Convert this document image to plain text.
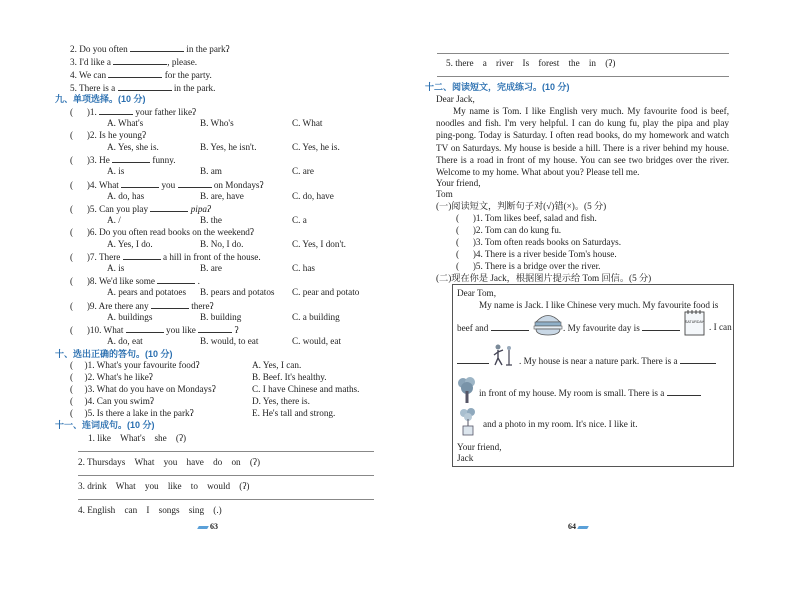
2. Do you often	in the parkʔ
3. I'd like a	, please.
4. We can	for the party.
5. There is a	in the park.
九、单项选择。(10 分)
( 　 )1.	your father likeʔ
A. What's	B. Who's	C. What
( 　 )2. Is he youngʔ
A. Yes, she is.	B. Yes, he isn't.	C. Yes, he is.
( 　 )3. He	funny.
A. is	B. am	C. are
( 　 )4. What	you	on Mondaysʔ
A. do, has	B. are, have	C. do, have
( 　 )5. Can you play	pipaʔ
A. /	B. the	C. a
( 　 )6. Do you often read books on the weekendʔ
A. Yes, I do.	B. No, I do.	C. Yes, I don't.
( 　 )7. There	a hill in front of the house.
A. is	B. are	C. has
( 　 )8. We'd like some	.
A. pears and potatoes B. pears and potatos C. pear and potato
( 　 )9. Are there any	thereʔ
A. buildings	B. building	C. a building
( 　 )10. What	you like	ʔ
A. do, eat	B. would, to eat	C. would, eat
十、选出正确的答句。(10 分)
(　 )1. What's your favourite foodʔ	A. Yes, I can.
(　 )2. What's he likeʔ	B. Beef. It's healthy.
(　 )3. What do you have on Mondaysʔ	C. I have Chinese and maths.
(　 )4. Can you swimʔ	D. Yes, there is.
(　 )5. Is there a lake in the parkʔ	E. He's tall and strong.
十一、连词成句。(10 分)
1. like　What's　she　(ʔ)
2. Thursdays　What　you　have　do　on　(ʔ)
3. drink　What　you　like　to　would　(ʔ)
4. English　can　I　songs　sing　(.)
63
5. there　a　river　Is　forest　the　in　(ʔ)
十二、阅读短文，完成练习。(10 分)
Dear Jack,
My name is Tom. I like English very much. My favourite food is beef, noodles and fish. I'm very helpful. I can do kung fu, play the pipa and play ping-pong. Today is Saturday. I often read books, do my homework and watch TV on Saturdays. My house is beside a hill. There is a river behind my house. There is a road in front of my house. You can see two bridges over the river. Welcome to my home. What about you? Please tell me.
Your friend,
Tom
(一)阅读短文，判断句子对(√)错(×)。(5 分)
( 　 )1. Tom likes beef, salad and fish.
( 　 )2. Tom can do kung fu.
( 　 )3. Tom often reads books on Saturdays.
( 　 )4. There is a river beside Tom's house.
( 　 )5. There is a bridge over the river.
(二)现在你是 Jack，根据图片提示给 Tom 回信。(5 分)
Dear Tom,
My name is Jack. I like Chinese very much. My favourite food is
beef and	. My favourite day is
SATURDAY . I can
. My house is near a nature park. There is a
in front of my house. My room is small. There is a
and a photo in my room. It's nice. I like it.
Your friend,
Jack
64
